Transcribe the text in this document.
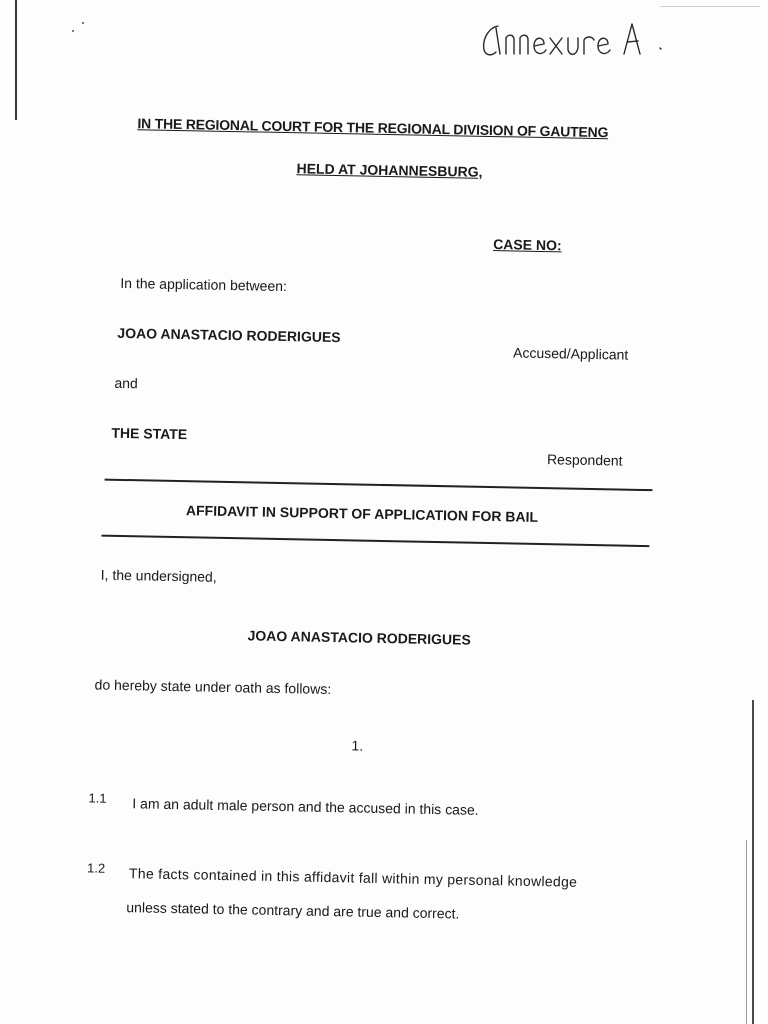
IN THE REGIONAL COURT FOR THE REGIONAL DIVISION OF GAUTENG
HELD AT JOHANNESBURG,
CASE NO:
In the application between:
JOAO ANASTACIO RODERIGUES
Accused/Applicant
and
THE STATE
Respondent
AFFIDAVIT IN SUPPORT OF APPLICATION FOR BAIL
I, the undersigned,
JOAO ANASTACIO RODERIGUES
do hereby state under oath as follows:
1.
1.1 I am an adult male person and the accused in this case.
1.2 The facts contained in this affidavit fall within my personal knowledge
unless stated to the contrary and are true and correct.
